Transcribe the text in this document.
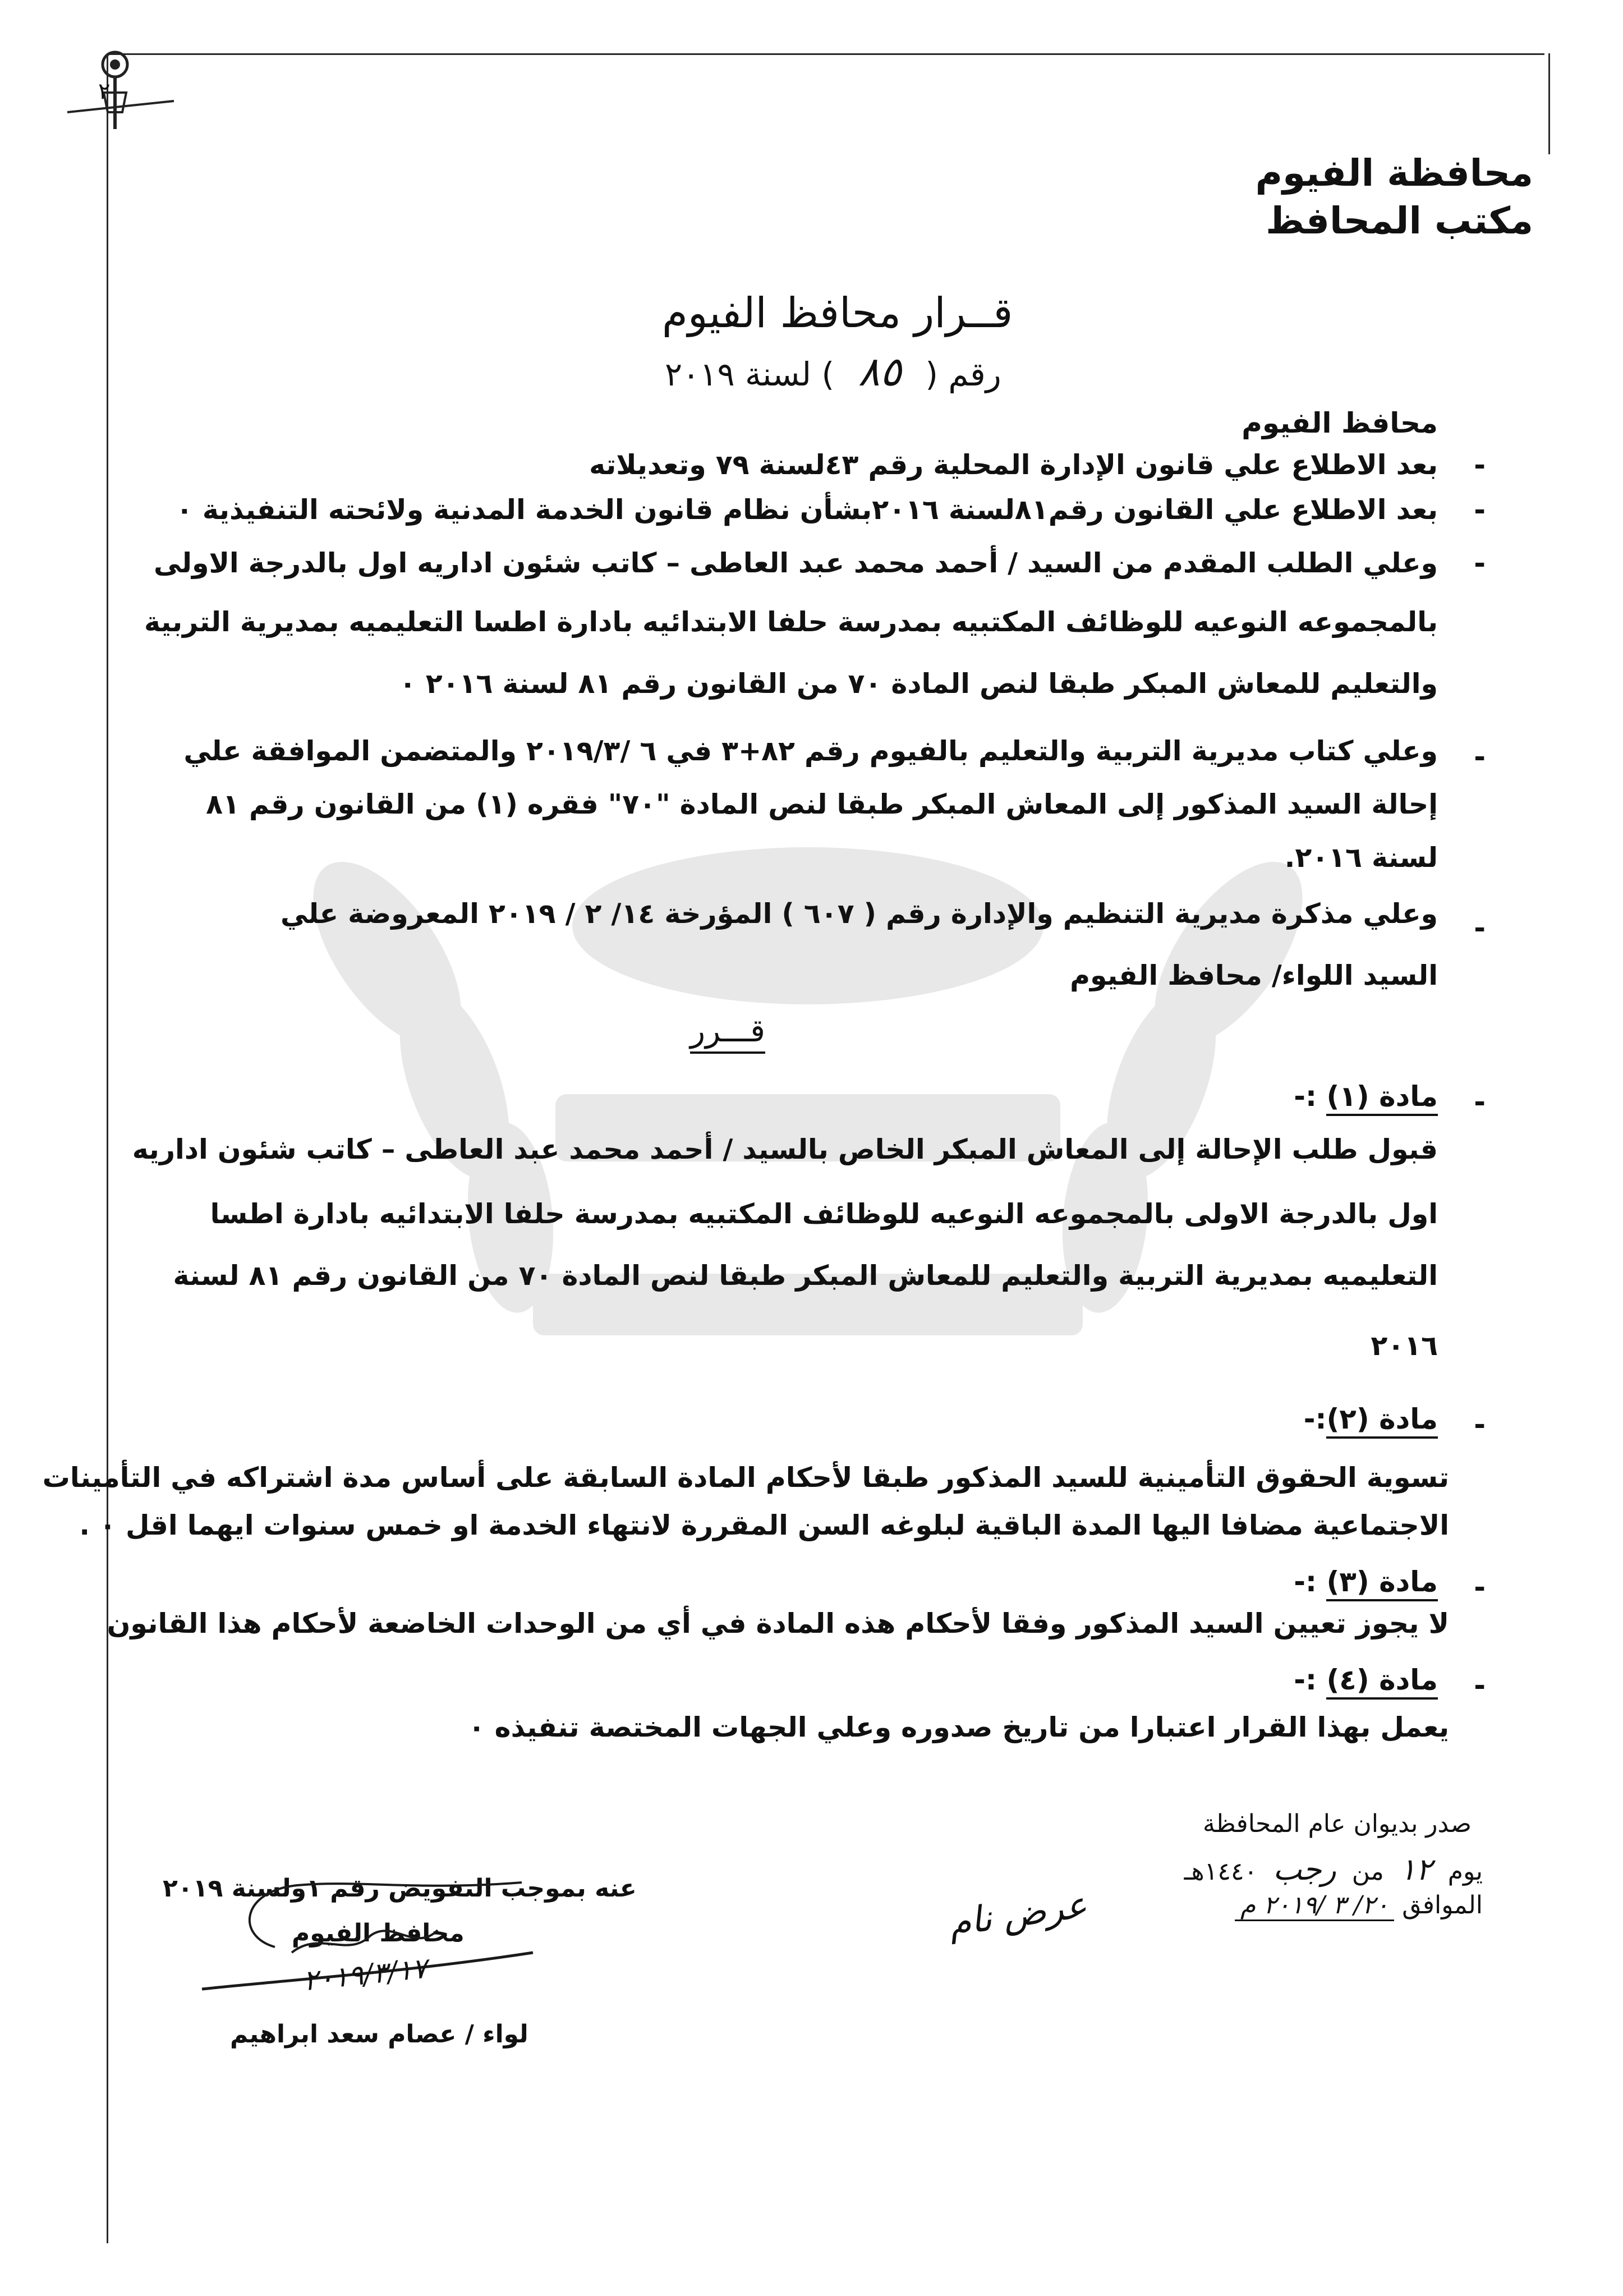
٢
محافظة الفيوم
مكتب المحافظ
قــرار محافظ الفيوم
رقم ( ٨٥ ) لسنة ٢٠١٩
محافظ الفيوم
-
بعد الاطلاع علي قانون الإدارة المحلية رقم ٤٣لسنة ٧٩ وتعديلاته
-
بعد الاطلاع علي القانون رقم٨١لسنة ٢٠١٦بشأن نظام قانون الخدمة المدنية ولائحته التنفيذية ٠
-
وعلي الطلب المقدم من السيد / أحمد محمد عبد العاطى – كاتب شئون اداريه اول بالدرجة الاولى
بالمجموعه النوعيه للوظائف المكتبيه بمدرسة حلفا الابتدائيه بادارة اطسا التعليميه بمديرية التربية
والتعليم للمعاش المبكر طبقا لنص المادة ٧٠ من القانون رقم ٨١ لسنة ٢٠١٦ ٠
-
وعلي كتاب مديرية التربية والتعليم بالفيوم رقم ٨٢+٣ في ٦ /٢٠١٩/٣ والمتضمن الموافقة علي
إحالة السيد المذكور إلى المعاش المبكر طبقا لنص المادة "٧٠" فقره (١) من القانون رقم ٨١
لسنة ٢٠١٦.
-
وعلي مذكرة مديرية التنظيم والإدارة رقم ( ٦٠٧ ) المؤرخة ١٤/ ٢ / ٢٠١٩ المعروضة علي
السيد اللواء/ محافظ الفيوم
قـــرر
-
مادة (١) :-
قبول طلب الإحالة إلى المعاش المبكر الخاص بالسيد / أحمد محمد عبد العاطى – كاتب شئون اداريه
اول بالدرجة الاولى بالمجموعه النوعيه للوظائف المكتبيه بمدرسة حلفا الابتدائيه بادارة اطسا
التعليميه بمديرية التربية والتعليم للمعاش المبكر طبقا لنص المادة ٧٠ من القانون رقم ٨١ لسنة
٢٠١٦
-
مادة (٢):-
تسوية الحقوق التأمينية للسيد المذكور طبقا لأحكام المادة السابقة على أساس مدة اشتراكه في التأمينات
الاجتماعية مضافا اليها المدة الباقية لبلوغه السن المقررة لانتهاء الخدمة او خمس سنوات ايهما اقل ٠ .
-
مادة (٣) :-
لا يجوز تعيين السيد المذكور وفقا لأحكام هذه المادة في أي من الوحدات الخاضعة لأحكام هذا القانون
-
مادة (٤) :-
يعمل بهذا القرار اعتبارا من تاريخ صدوره وعلي الجهات المختصة تنفيذه ٠
صدر بديوان عام المحافظة
يوم ١٢ من رجب ١٤٤٠هـ
الموافق ٢٠/ ٣ /٢٠١٩ م
عرض نام
عنه بموجب التفويض رقم ١ولسنة ٢٠١٩
محافظ الفيوم
٢٠١٩/٣/١٧
لواء / عصام سعد ابراهيم
